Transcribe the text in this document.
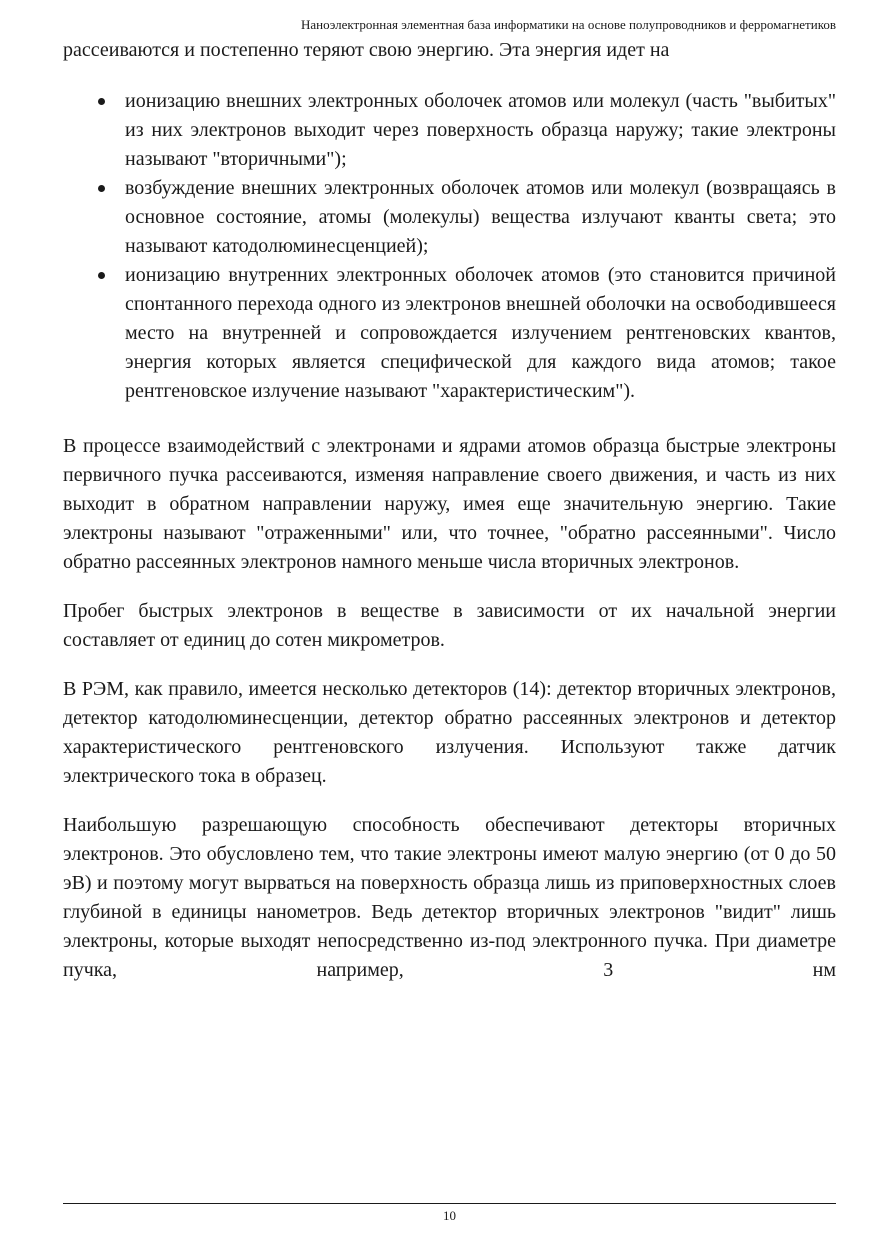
Наноэлектронная элементная база информатики на основе полупроводников и ферромагнетиков

рассеиваются и постепенно теряют свою энергию. Эта энергия идет на

ионизацию внешних электронных оболочек атомов или молекул (часть "выбитых" из них электронов выходит через поверхность образца наружу; такие электроны называют "вторичными");
возбуждение внешних электронных оболочек атомов или молекул (возвращаясь в основное состояние, атомы (молекулы) вещества излучают кванты света; это называют катодолюминесценцией);
ионизацию внутренних электронных оболочек атомов (это становится причиной спонтанного перехода одного из электронов внешней оболочки на освободившееся место на внутренней и сопровождается излучением рентгеновских квантов, энергия которых является специфической для каждого вида атомов; такое рентгеновское излучение называют "характеристическим").

В процессе взаимодействий с электронами и ядрами атомов образца быстрые электроны первичного пучка рассеиваются, изменяя направление своего движения, и часть из них выходит в обратном направлении наружу, имея еще значительную энергию. Такие электроны называют "отраженными" или, что точнее, "обратно рассеянными". Число обратно рассеянных электронов намного меньше числа вторичных электронов.

Пробег быстрых электронов в веществе в зависимости от их начальной энергии составляет от единиц до сотен микрометров.

В РЭМ, как правило, имеется несколько детекторов (14): детектор вторичных электронов, детектор катодолюминесценции, детектор обратно рассеянных электронов и детектор характеристического рентгеновского излучения. Используют также датчик электрического тока в образец.

Наибольшую разрешающую способность обеспечивают детекторы вторичных электронов. Это обусловлено тем, что такие электроны имеют малую энергию (от 0 до 50 эВ) и поэтому могут вырваться на поверхность образца лишь из приповерхностных слоев глубиной в единицы нанометров. Ведь детектор вторичных электронов "видит" лишь электроны, которые выходят непосредственно из-под электронного пучка. При диаметре пучка, например, 3 нм

10
